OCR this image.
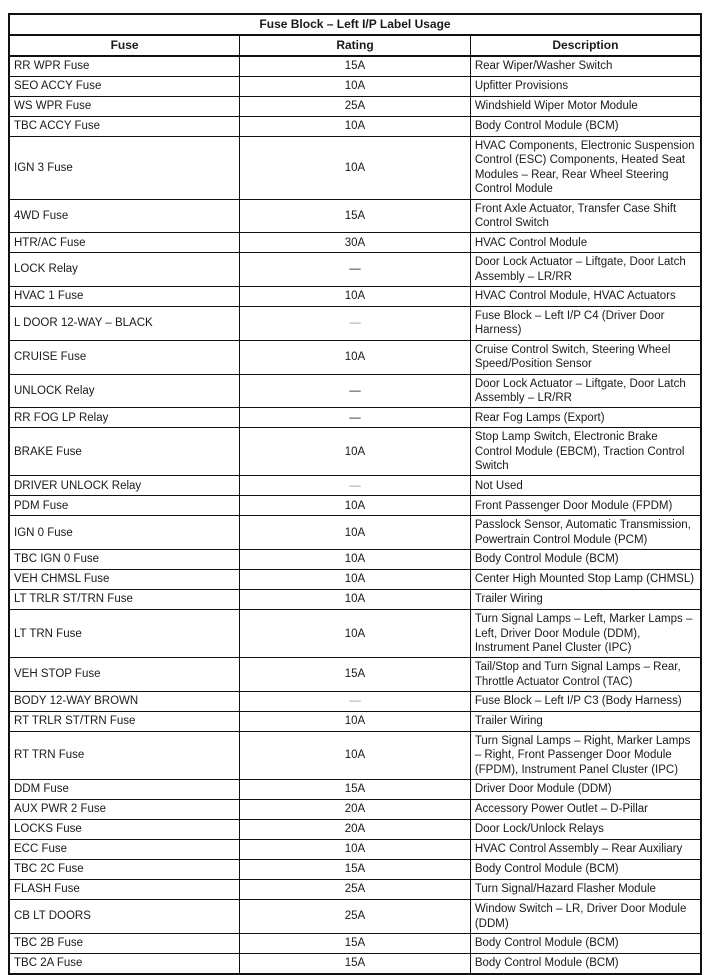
Fuse Block – Left I/P Label Usage		
Fuse	Rating	Description
RR WPR Fuse	15A	Rear Wiper/Washer Switch
SEO ACCY Fuse	10A	Upfitter Provisions
WS WPR Fuse	25A	Windshield Wiper Motor Module
TBC ACCY Fuse	10A	Body Control Module (BCM)
IGN 3 Fuse	10A	HVAC Components, Electronic Suspension Control (ESC) Components, Heated Seat Modules – Rear, Rear Wheel Steering Control Module
4WD Fuse	15A	Front Axle Actuator, Transfer Case Shift Control Switch
HTR/AC Fuse	30A	HVAC Control Module
LOCK Relay	—	Door Lock Actuator – Liftgate, Door Latch Assembly – LR/RR
HVAC 1 Fuse	10A	HVAC Control Module, HVAC Actuators
L DOOR 12-WAY – BLACK	—	Fuse Block – Left I/P C4 (Driver Door Harness)
CRUISE Fuse	10A	Cruise Control Switch, Steering Wheel Speed/Position Sensor
UNLOCK Relay	—	Door Lock Actuator – Liftgate, Door Latch Assembly – LR/RR
RR FOG LP Relay	—	Rear Fog Lamps (Export)
BRAKE Fuse	10A	Stop Lamp Switch, Electronic Brake Control Module (EBCM), Traction Control Switch
DRIVER UNLOCK Relay	—	Not Used
PDM Fuse	10A	Front Passenger Door Module (FPDM)
IGN 0 Fuse	10A	Passlock Sensor, Automatic Transmission, Powertrain Control Module (PCM)
TBC IGN 0 Fuse	10A	Body Control Module (BCM)
VEH CHMSL Fuse	10A	Center High Mounted Stop Lamp (CHMSL)
LT TRLR ST/TRN Fuse	10A	Trailer Wiring
LT TRN Fuse	10A	Turn Signal Lamps – Left, Marker Lamps – Left, Driver Door Module (DDM), Instrument Panel Cluster (IPC)
VEH STOP Fuse	15A	Tail/Stop and Turn Signal Lamps – Rear, Throttle Actuator Control (TAC)
BODY 12-WAY BROWN	—	Fuse Block – Left I/P C3 (Body Harness)
RT TRLR ST/TRN Fuse	10A	Trailer Wiring
RT TRN Fuse	10A	Turn Signal Lamps – Right, Marker Lamps – Right, Front Passenger Door Module (FPDM), Instrument Panel Cluster (IPC)
DDM Fuse	15A	Driver Door Module (DDM)
AUX PWR 2 Fuse	20A	Accessory Power Outlet – D-Pillar
LOCKS Fuse	20A	Door Lock/Unlock Relays
ECC Fuse	10A	HVAC Control Assembly – Rear Auxiliary
TBC 2C Fuse	15A	Body Control Module (BCM)
FLASH Fuse	25A	Turn Signal/Hazard Flasher Module
CB LT DOORS	25A	Window Switch – LR, Driver Door Module (DDM)
TBC 2B Fuse	15A	Body Control Module (BCM)
TBC 2A Fuse	15A	Body Control Module (BCM)
